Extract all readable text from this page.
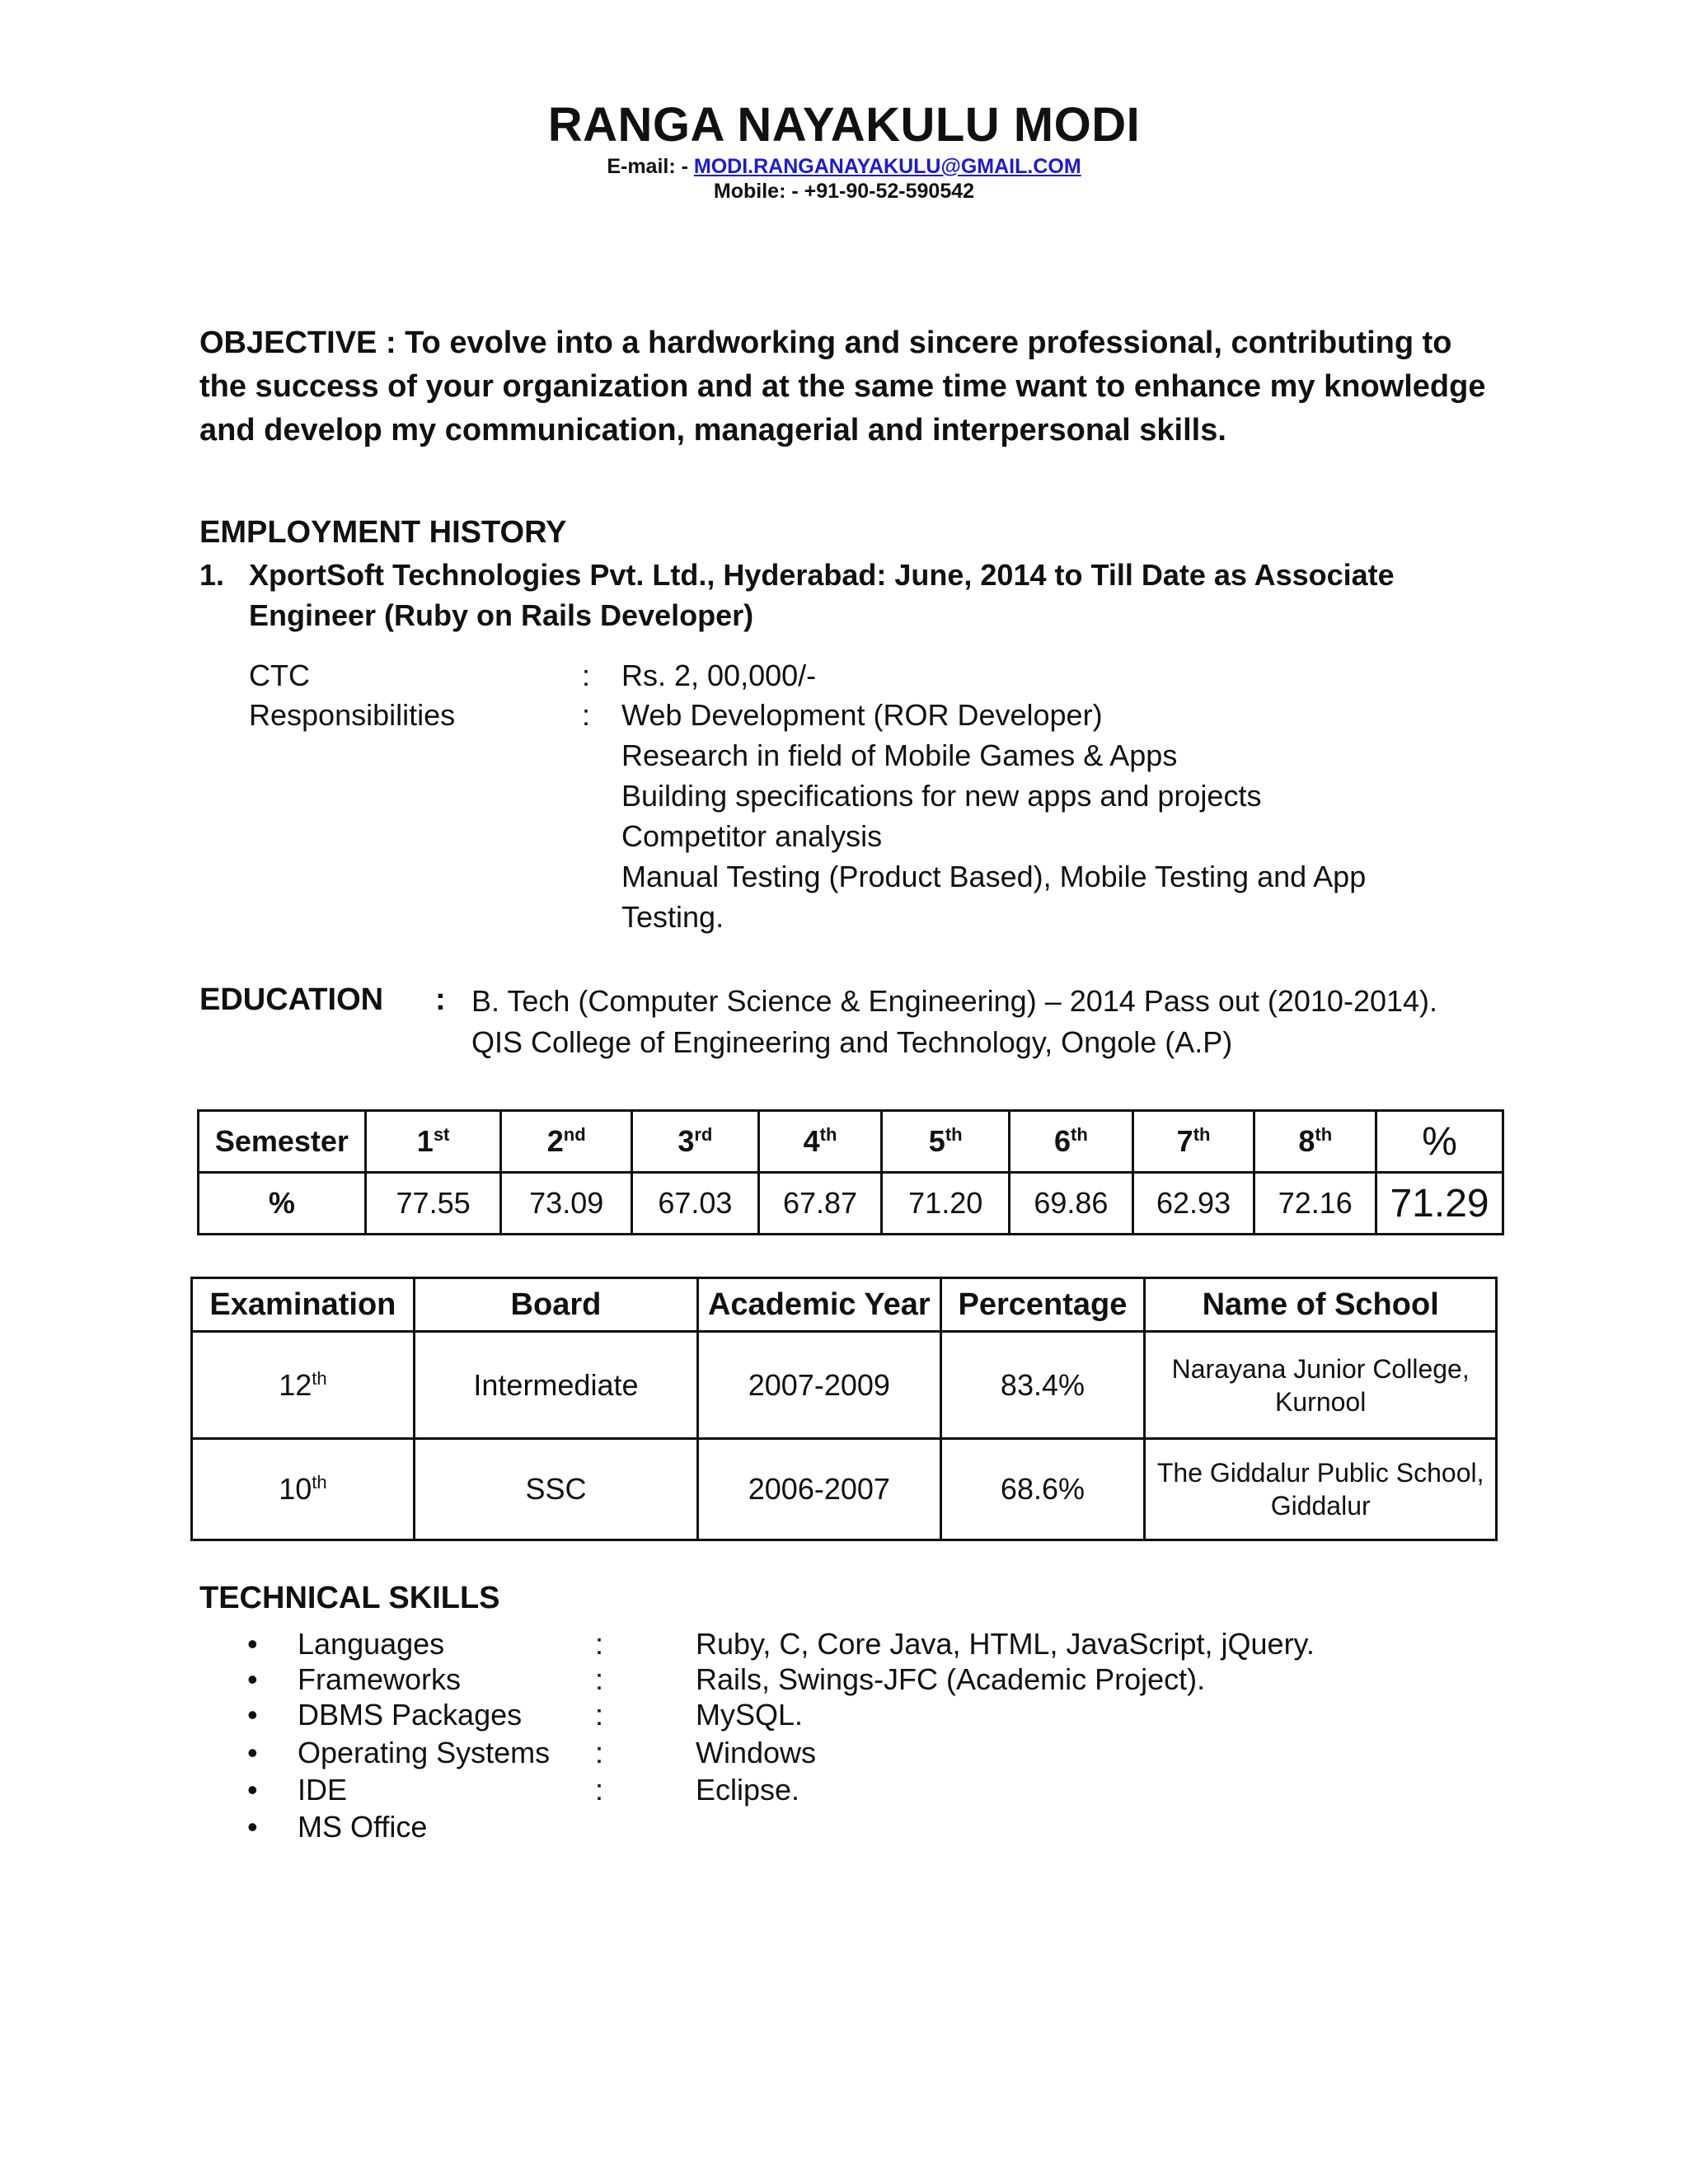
RANGA NAYAKULU MODI
E-mail: - MODI.RANGANAYAKULU@GMAIL.COM
Mobile: - +91-90-52-590542
OBJECTIVE : To evolve into a hardworking and sincere professional, contributing to the success of your organization and at the same time want to enhance my knowledge and develop my communication, managerial and interpersonal skills.
EMPLOYMENT HISTORY
1. XportSoft Technologies Pvt. Ltd., Hyderabad: June, 2014 to Till Date as Associate Engineer (Ruby on Rails Developer)
CTC	: Rs. 2, 00,000/-
Responsibilities	: Web Development (ROR Developer)
Research in field of Mobile Games & Apps
Building specifications for new apps and projects
Competitor analysis
Manual Testing (Product Based), Mobile Testing and App
Testing.
EDUCATION : B. Tech (Computer Science & Engineering) – 2014 Pass out (2010-2014).
QIS College of Engineering and Technology, Ongole (A.P)
Semester	1st	2nd	3rd	4th	5th	6th	7th	8th	%
%	77.55	73.09	67.03	67.87	71.20	69.86	62.93	72.16	71.29
Examination	Board	Academic Year	Percentage	Name of School
12th	Intermediate	2007-2009	83.4%	Narayana Junior College,
Kurnool

10th	SSC	2006-2007	68.6%	The Giddalur Public School,
Giddalur
TECHNICAL SKILLS
• Languages	:	Ruby, C, Core Java, HTML, JavaScript, jQuery.
• Frameworks	:	Rails, Swings-JFC (Academic Project).
• DBMS Packages :	MySQL.
• Operating Systems :	Windows
• IDE	:	Eclipse.
• MS Office
